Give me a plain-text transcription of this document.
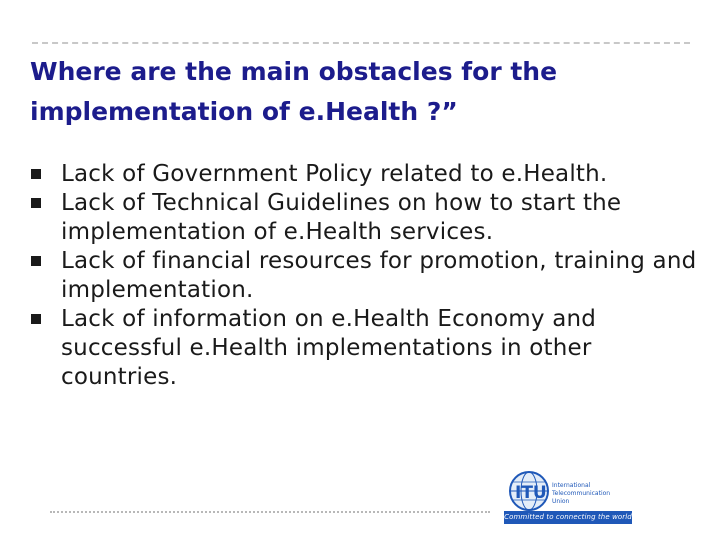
Where are the main obstacles for the implementation of e.Health ?”
Lack of Government Policy related to e.Health.
Lack of Technical Guidelines on how to start the implementation of e.Health services.
Lack of financial resources for promotion, training and implementation.
Lack of information on e.Health Economy and successful e.Health implementations in other countries.
ITU International
Telecommunication
Union
Committed to connecting the world
